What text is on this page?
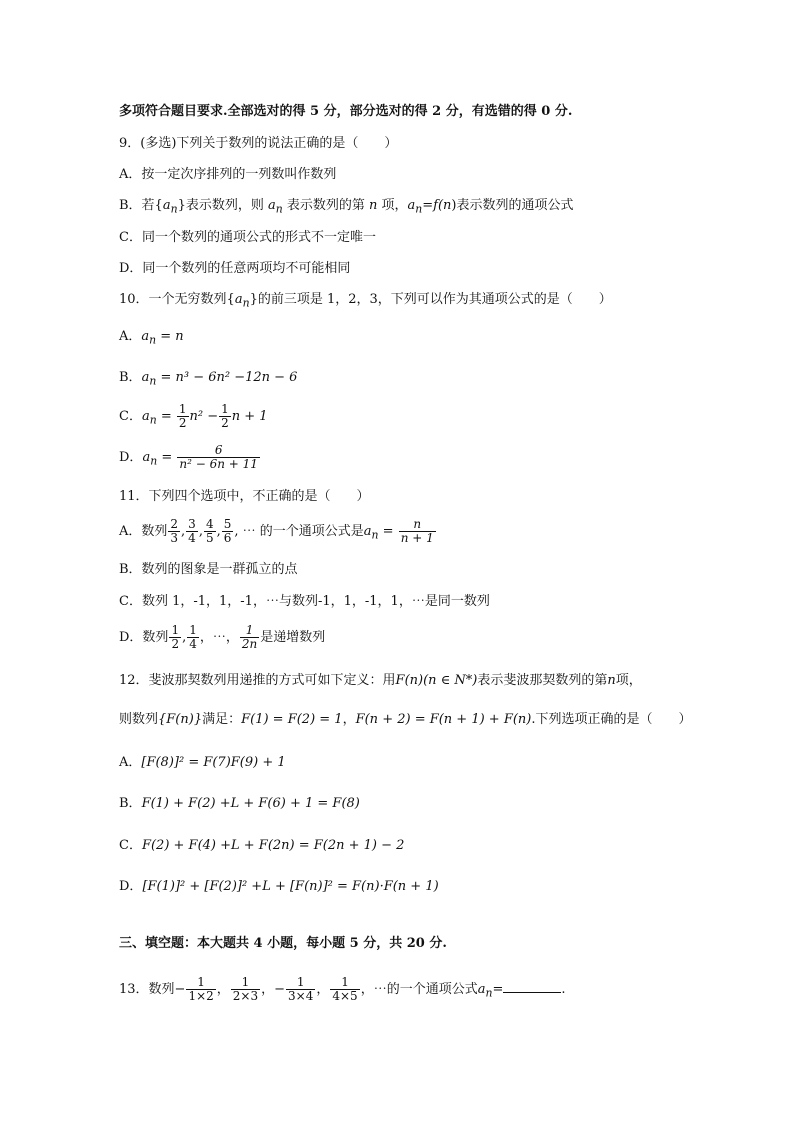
多项符合题目要求.全部选对的得 5 分，部分选对的得 2 分，有选错的得 0 分.
9．(多选)下列关于数列的说法正确的是（　　）
A．按一定次序排列的一列数叫作数列
B．若$\{a_n\}$表示数列，则 $a_n$ 表示数列的第 n 项，$a_n=f(n)$表示数列的通项公式
C．同一个数列的通项公式的形式不一定唯一
D．同一个数列的任意两项均不可能相同
10．一个无穷数列$\{a_n\}$的前三项是 1，2，3，下列可以作为其通项公式的是（　　）
A．$a_n = n$
B．$a_n = n^3 - 6n^2 -12n - 6$
C．$a_n = \frac{1}{2} n^2 - \frac{1}{2}$ n + 1
D．$a_n = \frac{6}{\text{n² − 6n + 11}}$
11．下列四个选项中，不正确的是（　　）
A．数列 $\frac{2}{3}$ , $\frac{3}{4}$ , $\frac{4}{5}$ , $\frac{5}{6}$ , ⋯ 的一个通项公式是$a_n = \frac{n}{n + 1}$
B．数列的图象是一群孤立的点
C．数列 1，-1，1，-1，⋯与数列-1，1，-1，1，⋯是同一数列
D．数列 $\frac{1}{2}$ , $\frac{1}{4}$ ，⋯， $\frac{1}{2n}$ 是递增数列
12．斐波那契数列用递推的方式可如下定义：用F(n)(n ∈ N*)表示斐波那契数列的第n项，
则数列{F(n)}满足：F(1) = F(2) = 1，F(n + 2) = F(n + 1) + F(n).下列选项正确的是（　　）
A．[F(8)]² = F(7)F(9) + 1
B．F(1) + F(2) +L + F(6) + 1 = F(8)
C．F(2) + F(4) +L + F(2n) = F(2n + 1) − 2
D．[F(1)]² + [F(2)]² +L + [F(n)]² = F(n)·F(n + 1)
三、填空题：本大题共 4 小题，每小题 5 分，共 20 分.
13．数列− $\frac{1}{1\times 2}$ ， $\frac{1}{2\times 3}$ ，− $\frac{1}{3\times 4}$ ， $\frac{1}{4\times 5}$ ，⋯的一个通项公式$a_n=$	.
